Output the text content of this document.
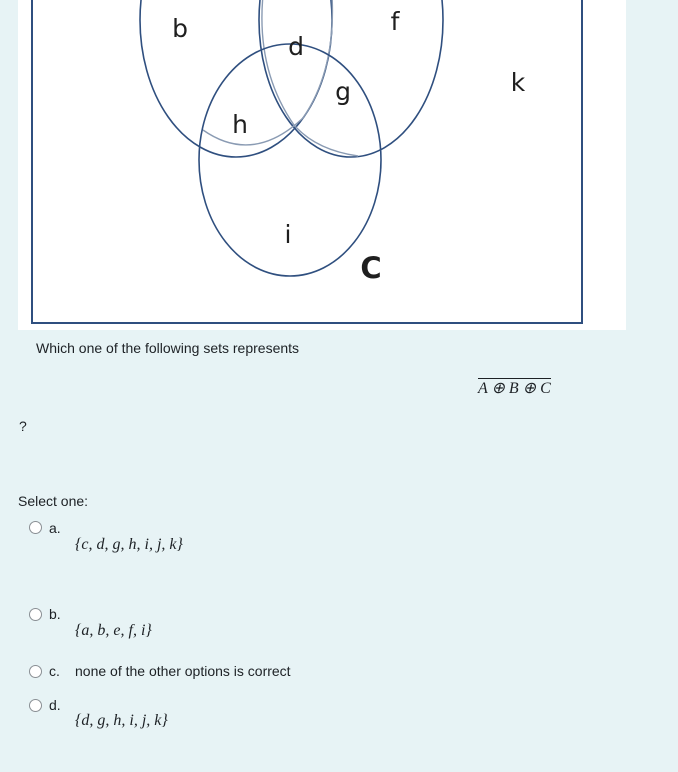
b
d
f
g
h
i
k
C
Which one of the following sets represents
A ⊕ B ⊕ C
?
Select one:
a.
{c, d, g, h, i, j, k}
b.
{a, b, e, f, i}
c. none of the other options is correct
d.
{d, g, h, i, j, k}
